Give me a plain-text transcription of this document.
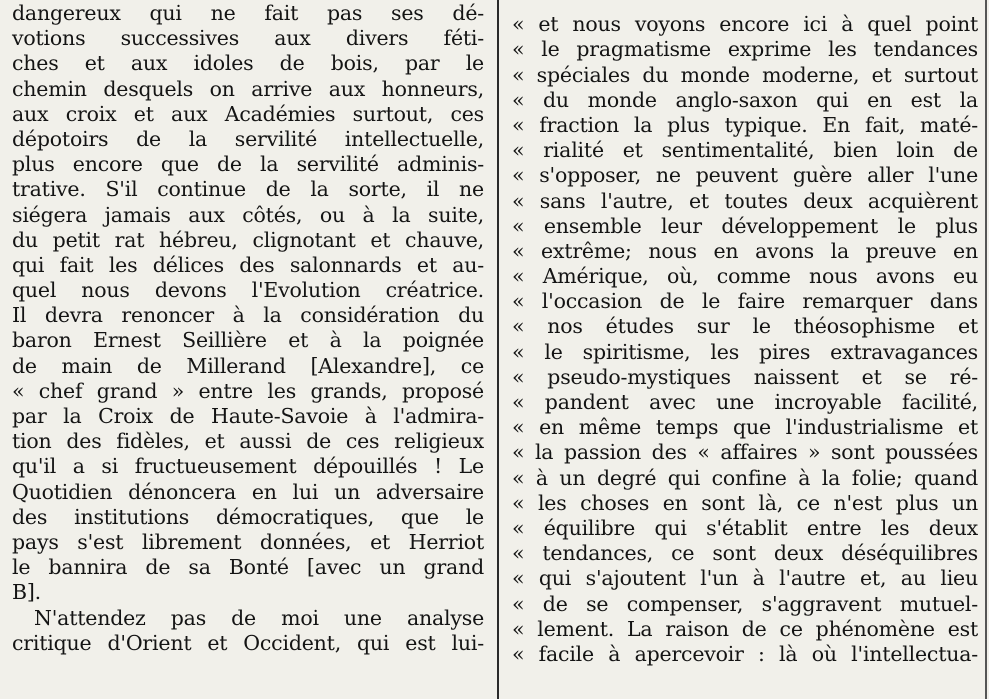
dangereux qui ne fait pas ses dé-
votions successives aux divers féti-
ches et aux idoles de bois, par le
chemin desquels on arrive aux honneurs,
aux croix et aux Académies surtout, ces
dépotoirs de la servilité intellectuelle,
plus encore que de la servilité adminis-
trative. S'il continue de la sorte, il ne
siégera jamais aux côtés, ou à la suite,
du petit rat hébreu, clignotant et chauve,
qui fait les délices des salonnards et au-
quel nous devons l'Evolution créatrice.
Il devra renoncer à la considération du
baron Ernest Seillière et à la poignée
de main de Millerand [Alexandre], ce
« chef grand » entre les grands, proposé
par la Croix de Haute-Savoie à l'admira-
tion des fidèles, et aussi de ces religieux
qu'il a si fructueusement dépouillés ! Le
Quotidien dénoncera en lui un adversaire
des institutions démocratiques, que le
pays s'est librement données, et Herriot
le bannira de sa Bonté [avec un grand
B].
N'attendez pas de moi une analyse
critique d'Orient et Occident, qui est lui-
« et nous voyons encore ici à quel point
« le pragmatisme exprime les tendances
« spéciales du monde moderne, et surtout
« du monde anglo-saxon qui en est la
« fraction la plus typique. En fait, maté-
« rialité et sentimentalité, bien loin de
« s'opposer, ne peuvent guère aller l'une
« sans l'autre, et toutes deux acquièrent
« ensemble leur développement le plus
« extrême; nous en avons la preuve en
« Amérique, où, comme nous avons eu
« l'occasion de le faire remarquer dans
« nos études sur le théosophisme et
« le spiritisme, les pires extravagances
« pseudo-mystiques naissent et se ré-
« pandent avec une incroyable facilité,
« en même temps que l'industrialisme et
« la passion des « affaires » sont poussées
« à un degré qui confine à la folie; quand
« les choses en sont là, ce n'est plus un
« équilibre qui s'établit entre les deux
« tendances, ce sont deux déséquilibres
« qui s'ajoutent l'un à l'autre et, au lieu
« de se compenser, s'aggravent mutuel-
« lement. La raison de ce phénomène est
« facile à apercevoir : là où l'intellectua-
